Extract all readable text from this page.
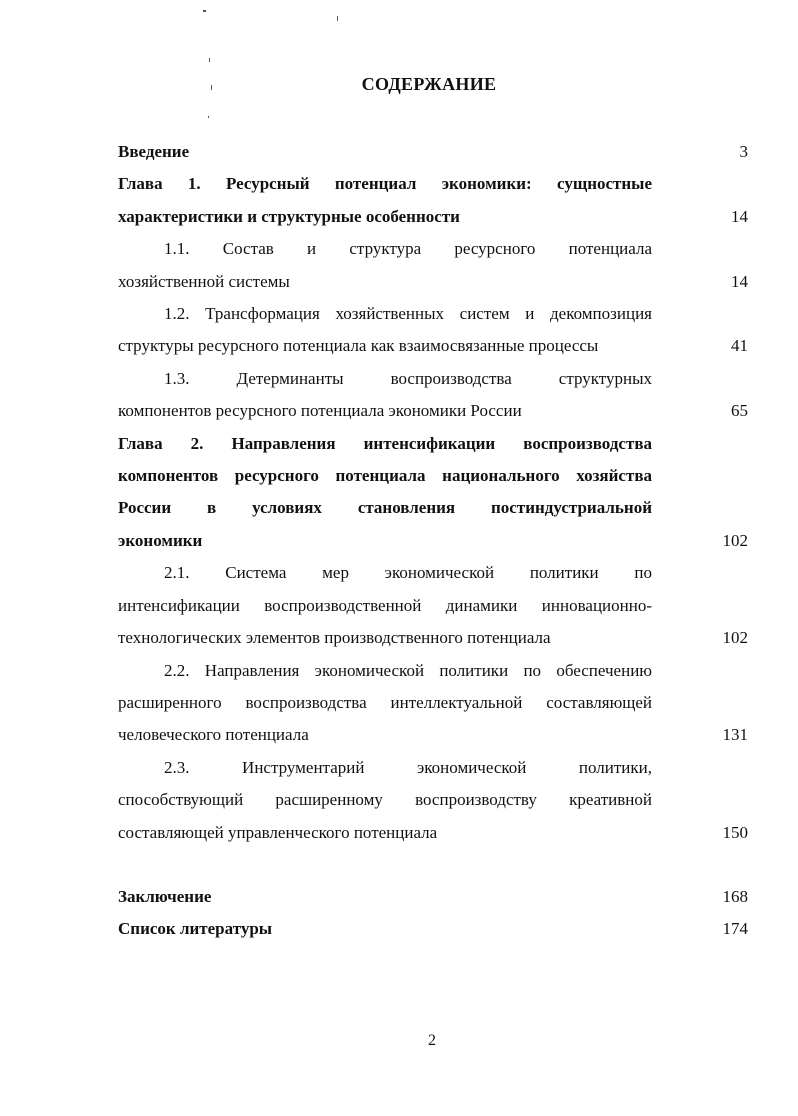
СОДЕРЖАНИЕ
Введение	3
Глава 1. Ресурсный потенциал экономики: сущностные
характеристики и структурные особенности	14
1.1. Состав и структура ресурсного потенциала
хозяйственной системы	14
1.2. Трансформация хозяйственных систем и декомпозиция
структуры ресурсного потенциала как взаимосвязанные процессы	41
1.3. Детерминанты воспроизводства структурных
компонентов ресурсного потенциала экономики России	65
Глава 2. Направления интенсификации воспроизводства
компонентов ресурсного потенциала национального хозяйства
России в условиях становления постиндустриальной
экономики	102
2.1. Система мер экономической политики по
интенсификации воспроизводственной динамики инновационно-
технологических элементов производственного потенциала	102
2.2. Направления экономической политики по обеспечению
расширенного воспроизводства интеллектуальной составляющей
человеческого потенциала	131
2.3. Инструментарий экономической политики,
способствующий расширенному воспроизводству креативной
составляющей управленческого потенциала	150
Заключение	168
Список литературы	174
2
